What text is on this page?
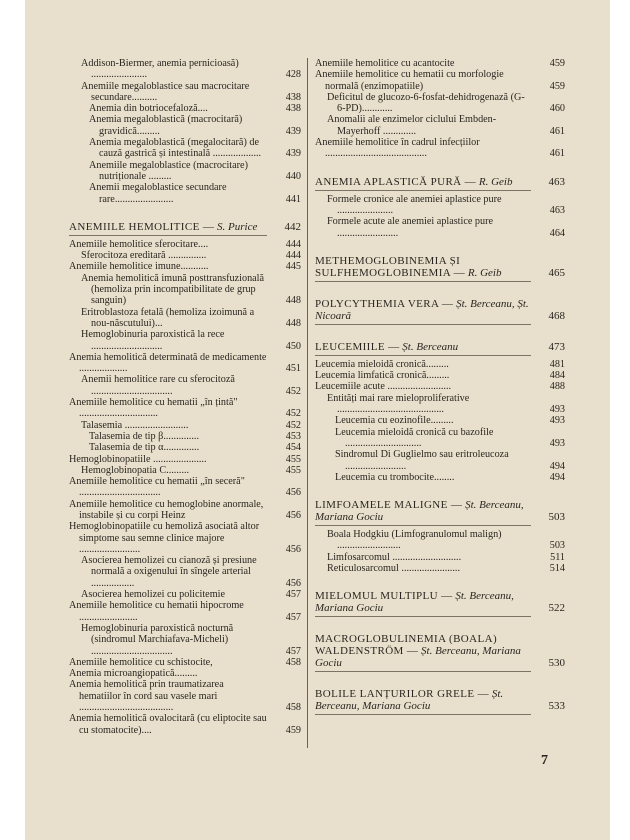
Addison-Biermer, anemia pernicioasă) ......................	428
Anemiile megaloblastice sau macrocitare secundare..........	438
Anemia din botriocefaloză....	438
Anemia megaloblastică (macrocitară) gravidică.........	439
Anemia megaloblastică (megalocitară) de cauză gastrică și intestinală ...................	439
Anemiile megaloblastice (macrocitare) nutriționale .........	440
Anemii megaloblastice secundare rare.......................	441
ANEMIILE HEMOLITICE — S. Purice	442
Anemiile hemolitice sferocitare....	444
Sferocitoza ereditară ...............	444
Anemiile hemolitice imune...........	445
Anemia hemolitică imună posttransfuzională (hemoliza prin incompatibilitate de grup sanguin)	448
Eritroblastoza fetală (hemoliza izoimună a nou-născutului)...	448
Hemoglobinuria paroxistică la rece ............................	450
Anemia hemolitică determinată de medicamente ...................	451
Anemii hemolitice rare cu sferocitoză ................................	452
Anemiile hemolitice cu hematii „în țintă" ...............................	452
Talasemia .........................	452
Talasemia de tip β..............	453
Talasemia de tip α..............	454
Hemoglobinopatiile .....................	455
Hemoglobinopatia C.........	455
Anemiile hemolitice cu hematii „în seceră" ................................	456
Anemiile hemolitice cu hemoglobine anormale, instabile și cu corpi Heinz	456
Hemoglobinopatiile cu hemoliză asociată altor simptome sau semne clinice majore ........................	456
Asocierea hemolizei cu cianoză și presiune normală a oxigenului în sîngele arterial .................	456
Asocierea hemolizei cu policitemie	457
Anemiile hemolitice cu hematii hipocrome .......................	457
Hemoglobinuria paroxistică nocturnă (sindromul Marchiafava-Micheli) ................................	457
Anemiile hemolitice cu schistocite,	458
Anemia microangiopatică.........
Anemia hemolitică prin traumatizarea hematiilor în cord sau vasele mari .....................................	458
Anemia hemolitică ovalocitară (cu eliptocite sau cu stomatocite)....	459
Anemiile hemolitice cu acantocite	459
Anemiile hemolitice cu hematii cu morfologie normală (enzimopatiile)	459
Deficitul de glucozo-6-fosfat-dehidrogenază (G-6-PD)............	460
Anomalii ale enzimelor ciclului Embden-Mayerhoff .............	461
Anemiile hemolitice în cadrul infecțiilor ........................................	461
ANEMIA APLASTICĂ PURĂ — R. Geib	463
Formele cronice ale anemiei aplastice pure ......................	463
Formele acute ale anemiei aplastice pure ........................	464
METHEMOGLOBINEMIA ȘI SULFHEMOGLOBINEMIA — R. Geib	465
POLYCYTHEMIA VERA — Șt. Berceanu, Șt. Nicoară	468
LEUCEMIILE — Șt. Berceanu	473
Leucemia mieloidă cronică.........	481
Leucemia limfatică cronică.........	484
Leucemiile acute .........................	488
Entități mai rare mieloproliferative ..........................................	493
Leucemia cu eozinofile.........	493
Leucemia mieloidă cronică cu bazofile ..............................	493
Sindromul Di Guglielmo sau eritroleucoza ........................	494
Leucemia cu trombocite........	494
LIMFOAMELE MALIGNE — Șt. Berceanu, Mariana Gociu	503
Boala Hodgkiu (Limfogranulomul malign) .........................	503
Limfosarcomul ...........................	511
Reticulosarcomul .......................	514
MIELOMUL MULTIPLU — Șt. Berceanu, Mariana Gociu	522
MACROGLOBULINEMIA (BOALA) WALDENSTRÖM — Șt. Berceanu, Mariana Gociu	530
BOLILE LANȚURILOR GRELE — Șt. Berceanu, Mariana Gociu	533
7
